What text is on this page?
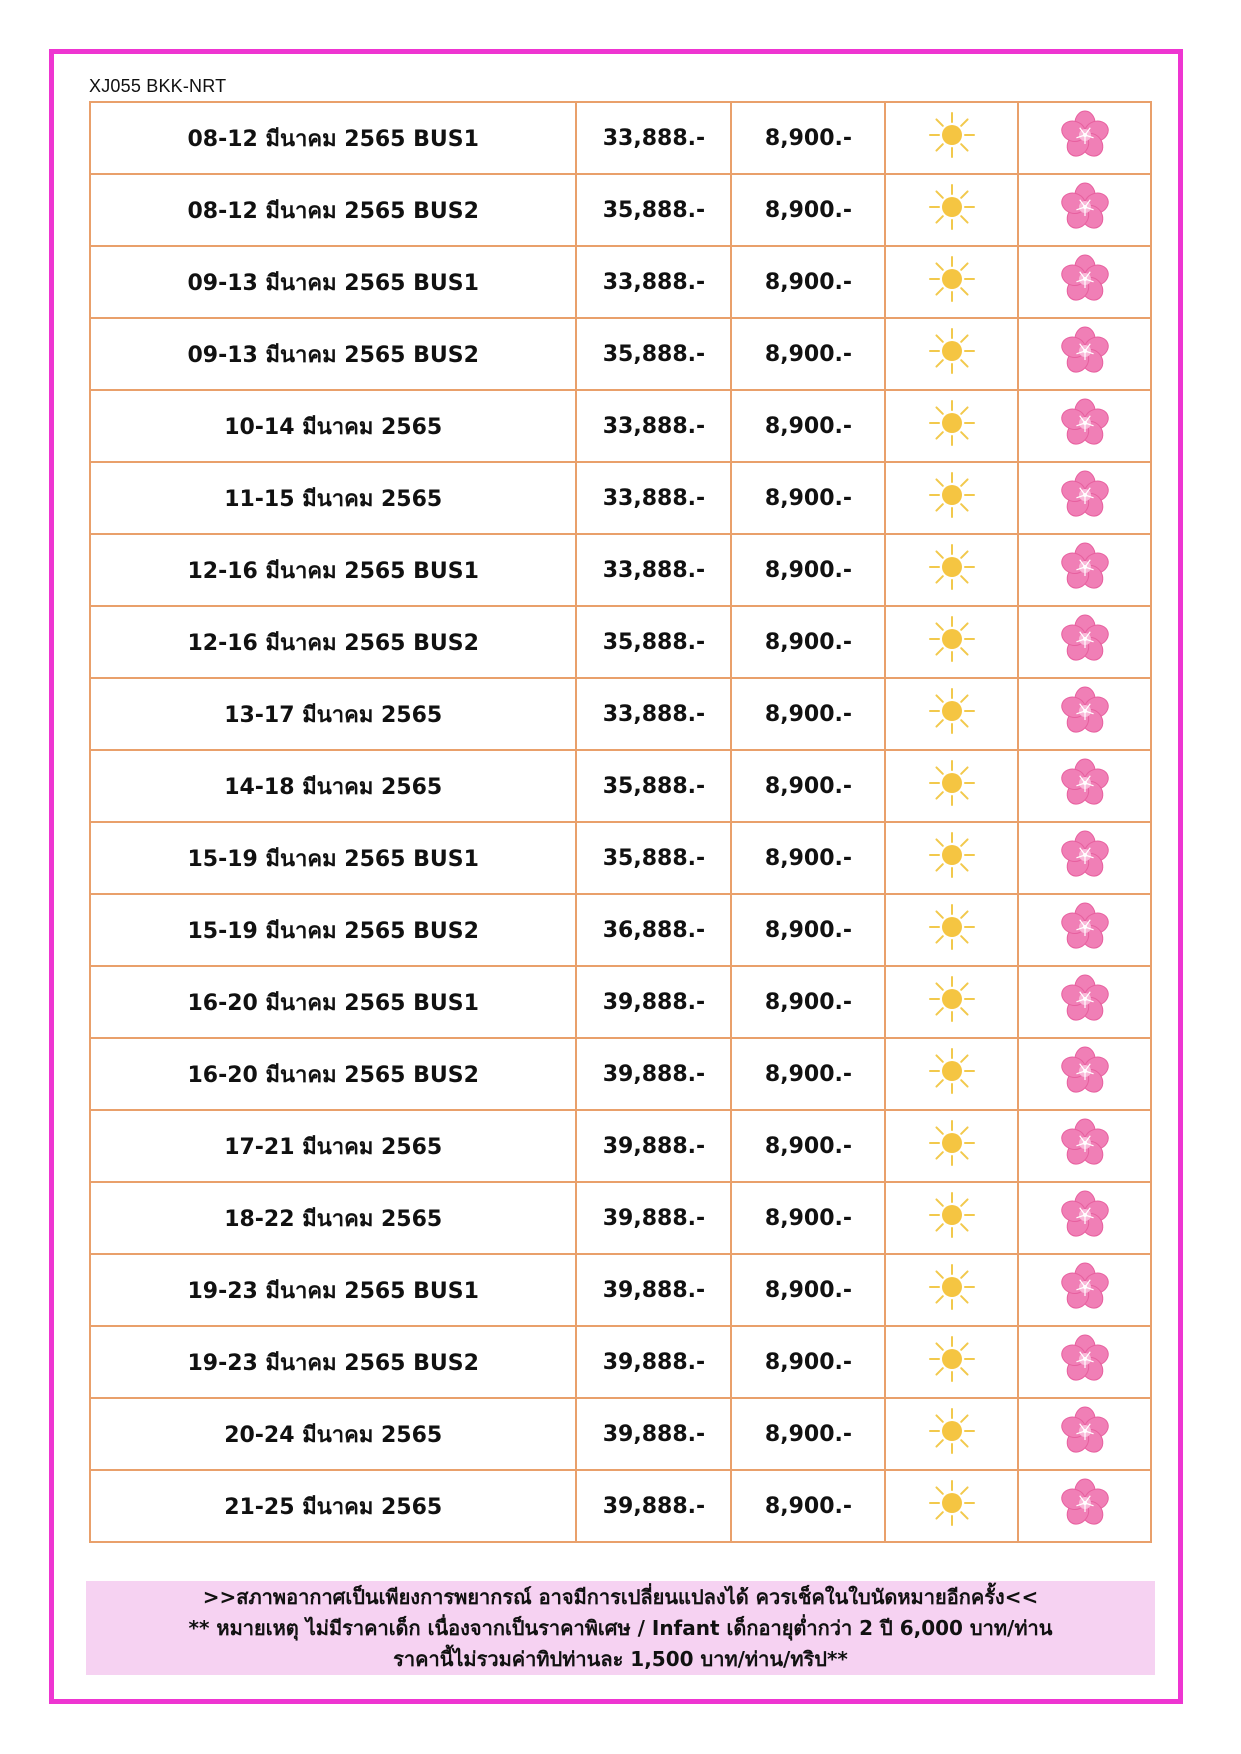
XJ055 BKK-NRT
08-12 มีนาคม 2565 BUS1	33,888.-	8,900.-		
08-12 มีนาคม 2565 BUS2	35,888.-	8,900.-		
09-13 มีนาคม 2565 BUS1	33,888.-	8,900.-		
09-13 มีนาคม 2565 BUS2	35,888.-	8,900.-		
10-14 มีนาคม 2565	33,888.-	8,900.-		
11-15 มีนาคม 2565	33,888.-	8,900.-		
12-16 มีนาคม 2565 BUS1	33,888.-	8,900.-		
12-16 มีนาคม 2565 BUS2	35,888.-	8,900.-		
13-17 มีนาคม 2565	33,888.-	8,900.-		
14-18 มีนาคม 2565	35,888.-	8,900.-		
15-19 มีนาคม 2565 BUS1	35,888.-	8,900.-		
15-19 มีนาคม 2565 BUS2	36,888.-	8,900.-		
16-20 มีนาคม 2565 BUS1	39,888.-	8,900.-		
16-20 มีนาคม 2565 BUS2	39,888.-	8,900.-		
17-21 มีนาคม 2565	39,888.-	8,900.-		
18-22 มีนาคม 2565	39,888.-	8,900.-		
19-23 มีนาคม 2565 BUS1	39,888.-	8,900.-		
19-23 มีนาคม 2565 BUS2	39,888.-	8,900.-		
20-24 มีนาคม 2565	39,888.-	8,900.-		
21-25 มีนาคม 2565	39,888.-	8,900.-		
>>สภาพอากาศเป็นเพียงการพยากรณ์ อาจมีการเปลี่ยนแปลงได้ ควรเช็คในใบนัดหมายอีกครั้ง<<
** หมายเหตุ ไม่มีราคาเด็ก เนื่องจากเป็นราคาพิเศษ / Infant เด็กอายุต่ำกว่า 2 ปี 6,000 บาท/ท่าน
ราคานี้ไม่รวมค่าทิปท่านละ 1,500 บาท/ท่าน/ทริป**
